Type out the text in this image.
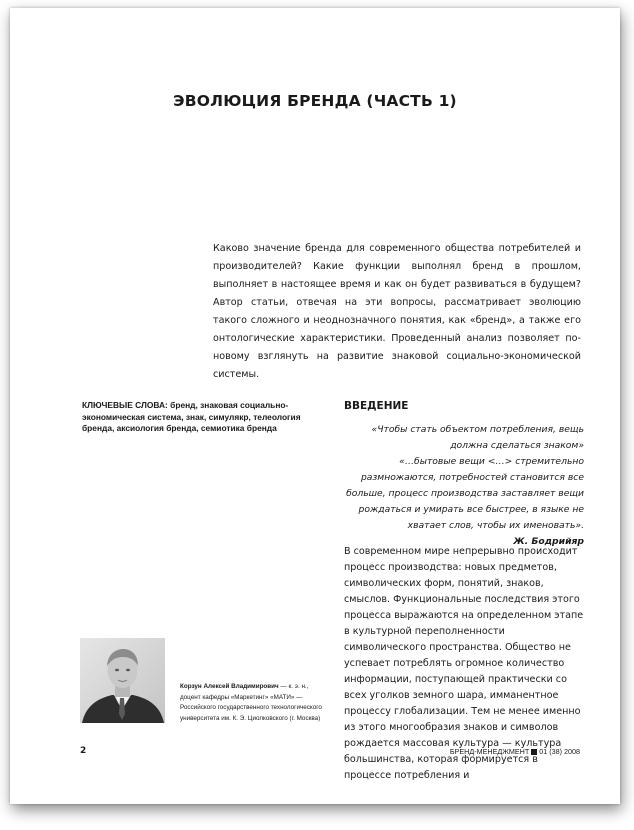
ЭВОЛЮЦИЯ БРЕНДА (ЧАСТЬ 1)

Каково значение бренда для современного общества потребителей и производителей? Какие функции выполнял бренд в прошлом, выполняет в настоящее время и как он будет развиваться в будущем? Автор статьи, отвечая на эти вопросы, рассматривает эволюцию такого сложного и неоднозначного понятия, как «бренд», а также его онтологические характеристики. Проведенный анализ позволяет по-новому взглянуть на развитие знаковой социально-экономической системы.

КЛЮЧЕВЫЕ СЛОВА: бренд, знаковая социально-экономическая система, знак, симулякр, телеология бренда, аксиология бренда, семиотика бренда

ВВЕДЕНИЕ

«Чтобы стать объектом потребления, вещь должна сделаться знаком»

«…бытовые вещи <…> стремительно размножаются, потребностей становится все больше, процесс производства заставляет вещи рождаться и умирать все быстрее, в языке не хватает слов, чтобы их именовать».

Ж. Бодрийяр

В современном мире непрерывно происходит процесс производства: новых предметов, символических форм, понятий, знаков, смыслов. Функциональные последствия этого процесса выражаются на определенном этапе в культурной переполненности символического пространства. Общество не успевает потреблять огромное количество информации, поступающей практически со всех уголков земного шара, имманентное процессу глобализации. Тем не менее именно из этого многообразия знаков и символов рождается массовая культура — культура большинства, которая формируется в процессе потребления и

Корзун Алексей Владимирович — к. э. н., доцент кафедры «Маркетинг» «МАТИ» — Российского государственного технологического университета им. К. Э. Циолковского (г. Москва)

2	БРЕНД-МЕНЕДЖМЕНТ 01 (38) 2008
